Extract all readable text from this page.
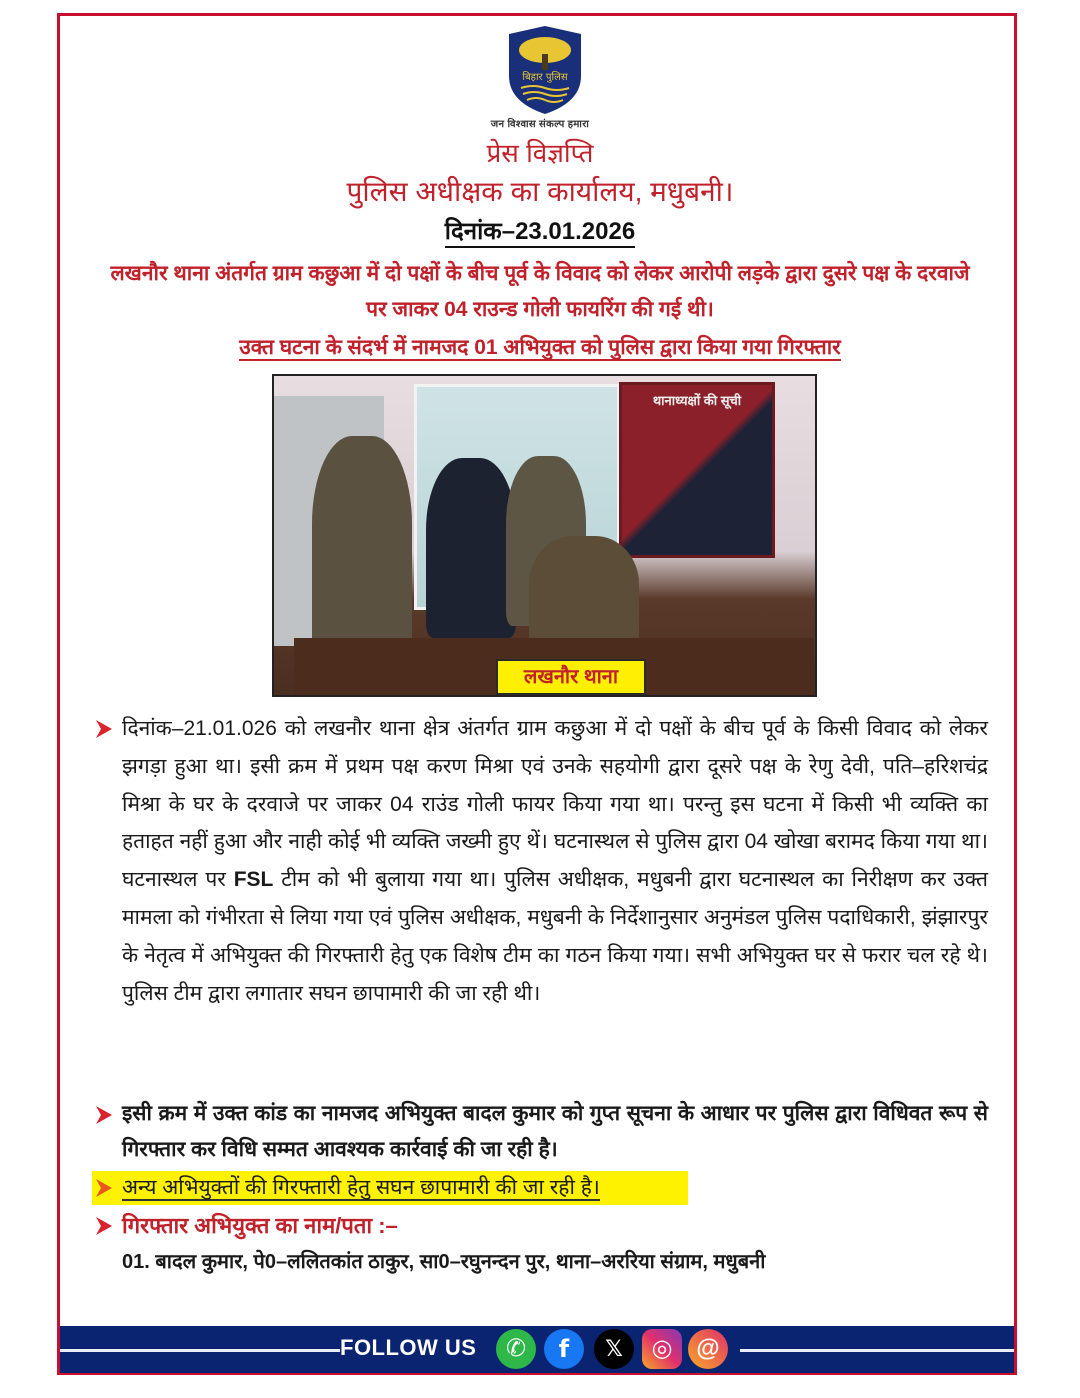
बिहार पुलिस
जन विश्वास संकल्प हमारा
प्रेस विज्ञप्ति
पुलिस अधीक्षक का कार्यालय, मधुबनी।
दिनांक–23.01.2026
लखनौर थाना अंतर्गत ग्राम कछुआ में दो पक्षों के बीच पूर्व के विवाद को लेकर आरोपी लड़के द्वारा दुसरे पक्ष के दरवाजे पर जाकर 04 राउन्ड गोली फायरिंग की गई थी।
उक्त घटना के संदर्भ में नामजद 01 अभियुक्त को पुलिस द्वारा किया गया गिरफ्तार
थानाध्यक्षों की सूची
लखनौर थाना
दिनांक–21.01.026 को लखनौर थाना क्षेत्र अंतर्गत ग्राम कछुआ में दो पक्षों के बीच पूर्व के किसी विवाद को लेकर झगड़ा हुआ था। इसी क्रम में प्रथम पक्ष करण मिश्रा एवं उनके सहयोगी द्वारा दूसरे पक्ष के रेणु देवी, पति–हरिशचंद्र मिश्रा के घर के दरवाजे पर जाकर 04 राउंड गोली फायर किया गया था। परन्तु इस घटना में किसी भी व्यक्ति का हताहत नहीं हुआ और नाही कोई भी व्यक्ति जख्मी हुए थें। घटनास्थल से पुलिस द्वारा 04 खोखा बरामद किया गया था। घटनास्थल पर FSL टीम को भी बुलाया गया था। पुलिस अधीक्षक, मधुबनी द्वारा घटनास्थल का निरीक्षण कर उक्त मामला को गंभीरता से लिया गया एवं पुलिस अधीक्षक, मधुबनी के निर्देशानुसार अनुमंडल पुलिस पदाधिकारी, झंझारपुर के नेतृत्व में अभियुक्त की गिरफ्तारी हेतु एक विशेष टीम का गठन किया गया। सभी अभियुक्त घर से फरार चल रहे थे। पुलिस टीम द्वारा लगातार सघन छापामारी की जा रही थी।
इसी क्रम में उक्त कांड का नामजद अभियुक्त बादल कुमार को गुप्त सूचना के आधार पर पुलिस द्वारा विधिवत रूप से गिरफ्तार कर विधि सम्मत आवश्यक कार्रवाई की जा रही है।
अन्य अभियुक्तों की गिरफ्तारी हेतु सघन छापामारी की जा रही है।
गिरफ्तार अभियुक्त का नाम/पता :–
01. बादल कुमार, पे0–ललितकांत ठाकुर, सा0–रघुनन्दन पुर, थाना–अररिया संग्राम, मधुबनी
FOLLOW US	✆	f	𝕏	◎ @
